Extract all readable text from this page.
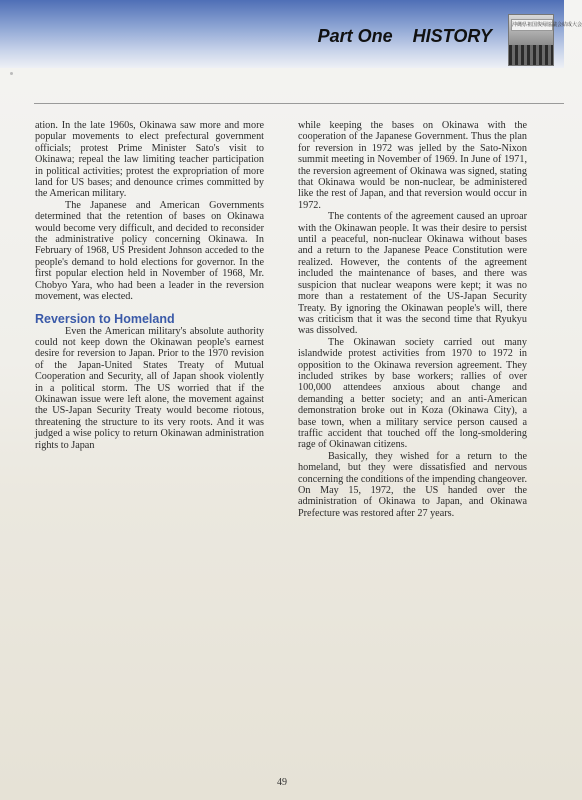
Part One HISTORY
沖縄県祖国復帰協議会結成大会

ation. In the late 1960s, Okinawa saw more and more popular movements to elect prefectural government officials; protest Prime Minister Sato's visit to Okinawa; repeal the law limiting teacher participation in political activities; protest the expropriation of more land for US bases; and denounce crimes committed by the American military.

The Japanese and American Governments determined that the retention of bases on Okinawa would become very difficult, and decided to reconsider the administrative policy concerning Okinawa. In February of 1968, US President Johnson acceded to the people's demand to hold elections for governor. In the first popular election held in November of 1968, Mr. Chobyo Yara, who had been a leader in the reversion movement, was elected.

Reversion to Homeland

Even the American military's absolute authority could not keep down the Okinawan people's earnest desire for reversion to Japan. Prior to the 1970 revision of the Japan-United States Treaty of Mutual Cooperation and Security, all of Japan shook violently in a political storm. The US worried that if the Okinawan issue were left alone, the movement against the US-Japan Security Treaty would become riotous, threatening the structure to its very roots. And it was judged a wise policy to return Okinawan administration rights to Japan

while keeping the bases on Okinawa with the cooperation of the Japanese Government. Thus the plan for reversion in 1972 was jelled by the Sato-Nixon summit meeting in November of 1969. In June of 1971, the reversion agreement of Okinawa was signed, stating that Okinawa would be non-nuclear, be administered like the rest of Japan, and that reversion would occur in 1972.

The contents of the agreement caused an uproar with the Okinawan people. It was their desire to persist until a peaceful, non-nuclear Okinawa without bases and a return to the Japanese Peace Constitution were realized. However, the contents of the agreement included the maintenance of bases, and there was suspicion that nuclear weapons were kept; it was no more than a restatement of the US-Japan Security Treaty. By ignoring the Okinawan people's will, there was criticism that it was the second time that Ryukyu was dissolved.

The Okinawan society carried out many islandwide protest activities from 1970 to 1972 in opposition to the Okinawa reversion agreement. They included strikes by base workers; rallies of over 100,000 attendees anxious about change and demanding a better society; and an anti-American demonstration broke out in Koza (Okinawa City), a base town, when a military service person caused a traffic accident that touched off the long-smoldering rage of Okinawan citizens.

Basically, they wished for a return to the homeland, but they were dissatisfied and nervous concerning the conditions of the impending changeover. On May 15, 1972, the US handed over the administration of Okinawa to Japan, and Okinawa Prefecture was restored after 27 years.

49
